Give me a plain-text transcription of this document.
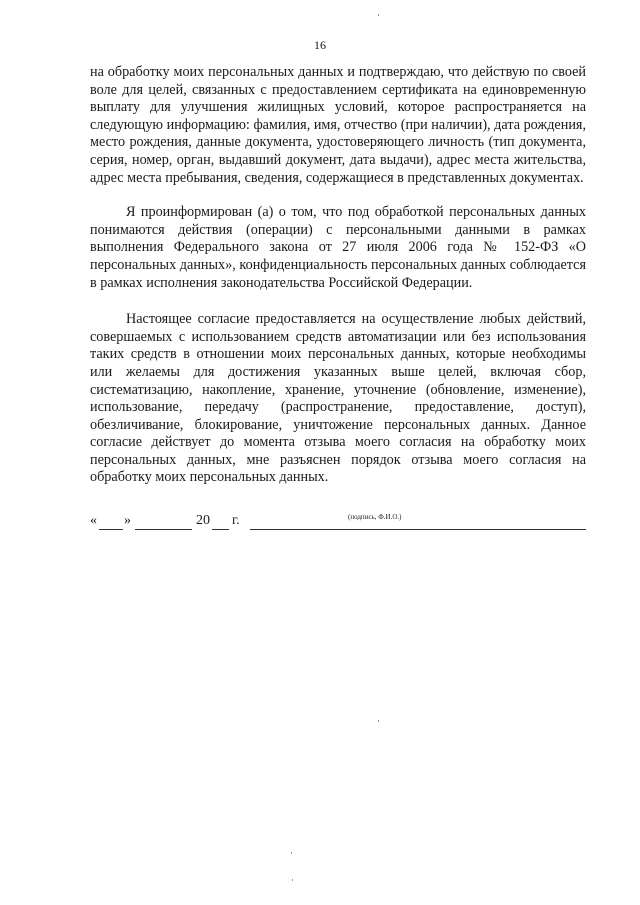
16

на обработку моих персональных данных и подтверждаю, что действую по своей воле для целей, связанных с предоставлением сертификата на единовременную выплату для улучшения жилищных условий, которое распространяется на следующую информацию: фамилия, имя, отчество (при наличии), дата рождения, место рождения, данные документа, удостоверяющего личность (тип документа, серия, номер, орган, выдавший документ, дата выдачи), адрес места жительства, адрес места пребывания, сведения, содержащиеся в представленных документах.

Я проинформирован (а) о том, что под обработкой персональных данных понимаются действия (операции) с персональными данными в рамках выполнения Федерального закона от 27 июля 2006 года № 152-ФЗ «О персональных данных», конфиденциальность персональных данных соблюдается в рамках исполнения законодательства Российской Федерации.

Настоящее согласие предоставляется на осуществление любых действий, совершаемых с использованием средств автоматизации или без использования таких средств в отношении моих персональных данных, которые необходимы или желаемы для достижения указанных выше целей, включая сбор, систематизацию, накопление, хранение, уточнение (обновление, изменение), использование, передачу (распространение, предоставление, доступ), обезличивание, блокирование, уничтожение персональных данных. Данное согласие действует до момента отзыва моего согласия на обработку моих персональных данных, мне разъяснен порядок отзыва моего согласия на обработку моих персональных данных.

« »	20 г.	(подпись, Ф.И.О.)
